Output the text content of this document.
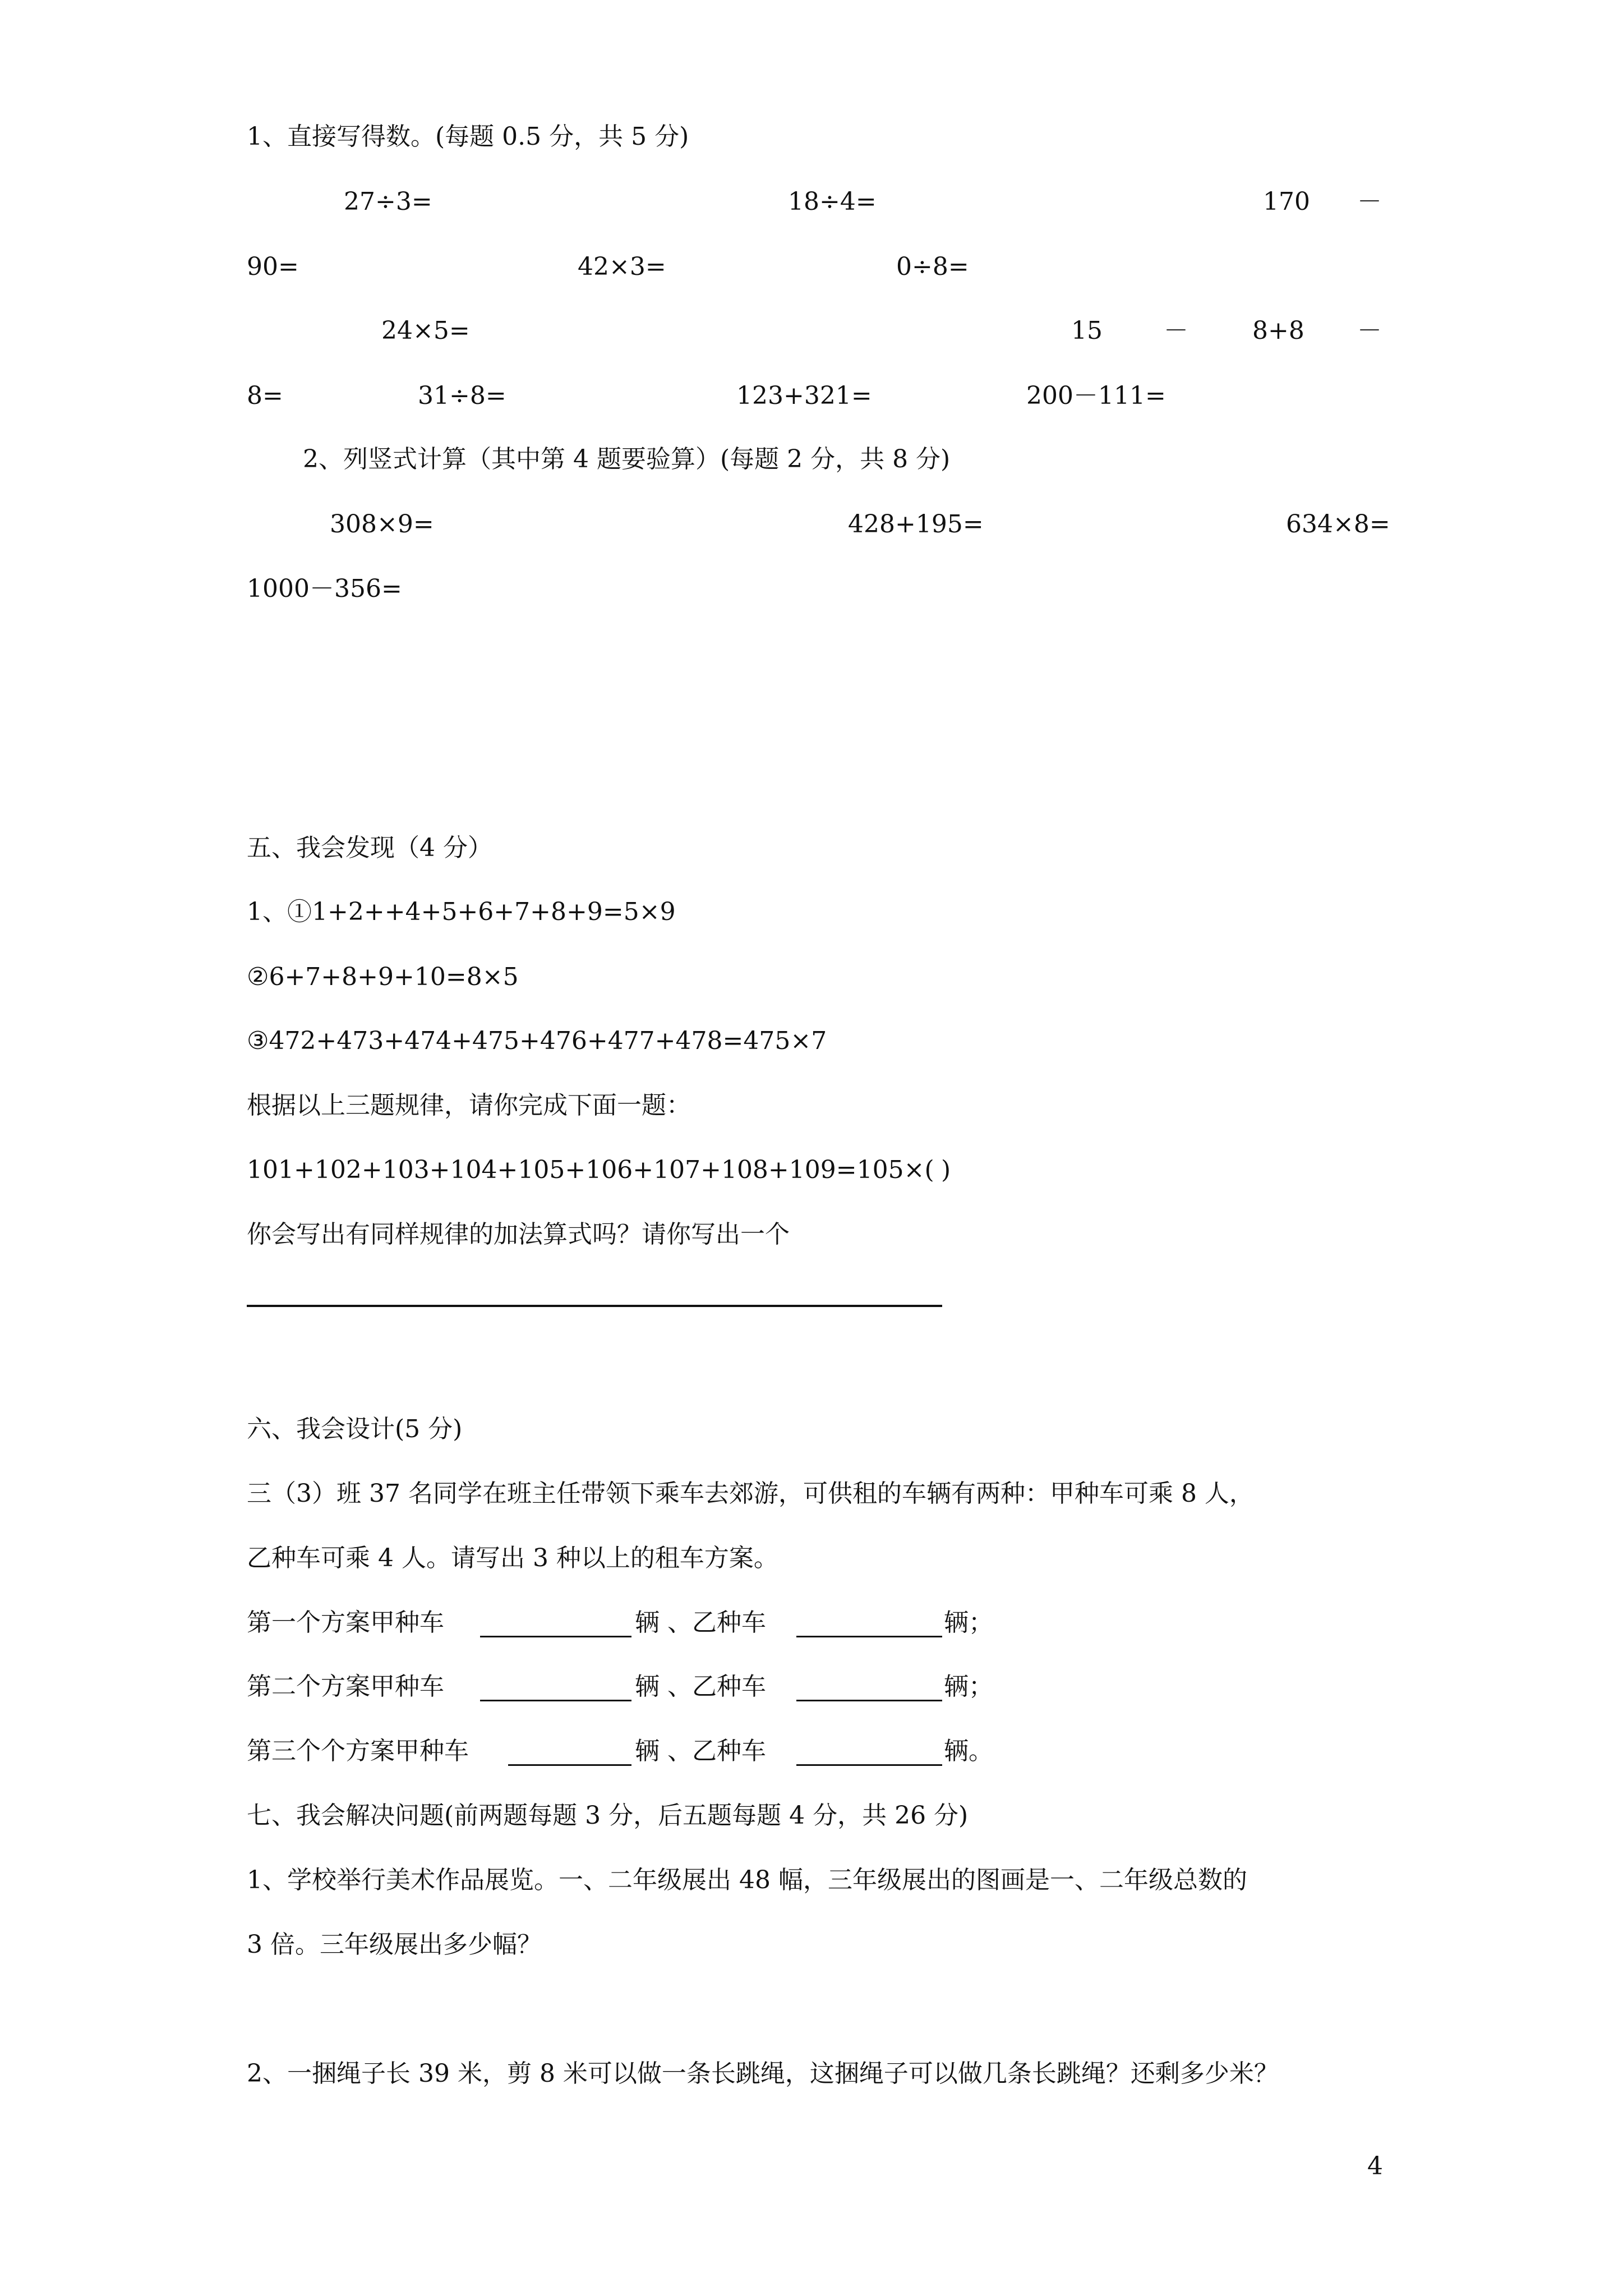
1、直接写得数。(每题 0.5 分，共 5 分)
27÷3=	18÷4=	170 －
90=	42×3=	0÷8=
24×5=	15 －	8+8 －
8=	31÷8=	123+321=	200－111=
2、列竖式计算（其中第 4 题要验算）(每题 2 分，共 8 分)
308×9=	428+195=	634×8=
1000－356=
五、我会发现（4 分）
1、①1+2++4+5+6+7+8+9=5×9
②6+7+8+9+10=8×5
③472+473+474+475+476+477+478=475×7
根据以上三题规律，请你完成下面一题：
101+102+103+104+105+106+107+108+109=105×( )
你会写出有同样规律的加法算式吗？请你写出一个
六、我会设计(5 分)
三（3）班 37 名同学在班主任带领下乘车去郊游，可供租的车辆有两种：甲种车可乘 8 人，
乙种车可乘 4 人。请写出 3 种以上的租车方案。
第一个方案甲种车	辆 、乙种车	辆；
第二个方案甲种车	辆 、乙种车	辆；
第三个个方案甲种车	辆 、乙种车	辆。
七、我会解决问题(前两题每题 3 分，后五题每题 4 分，共 26 分)
1、学校举行美术作品展览。一、二年级展出 48 幅，三年级展出的图画是一、二年级总数的
3 倍。三年级展出多少幅？
2、一捆绳子长 39 米，剪 8 米可以做一条长跳绳，这捆绳子可以做几条长跳绳？还剩多少米？
4
